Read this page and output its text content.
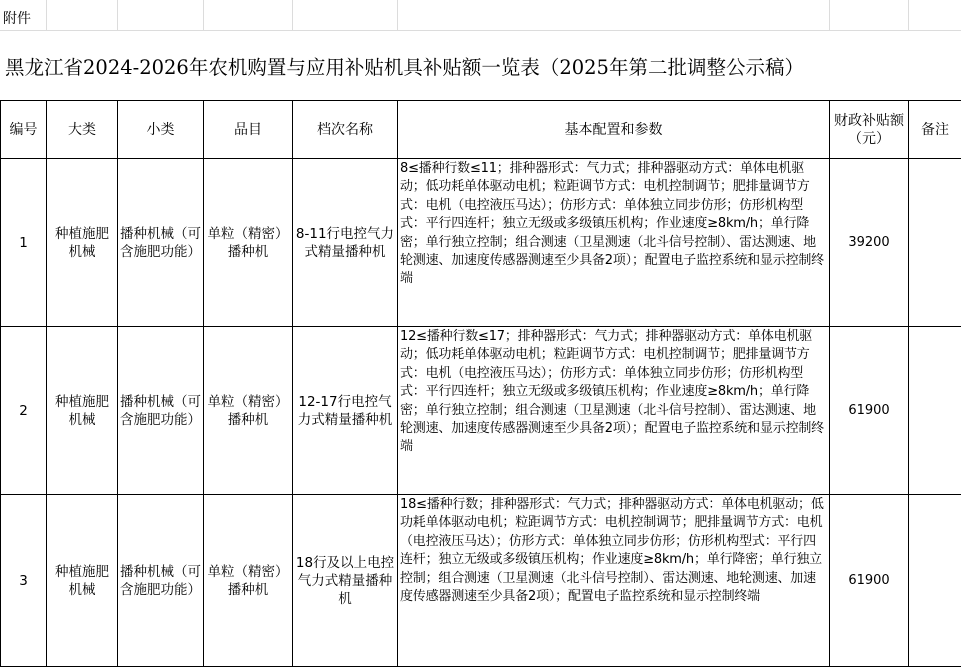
附件
黑龙江省2024-2026年农机购置与应用补贴机具补贴额一览表（2025年第二批调整公示稿）
编号	大类	小类	品目	档次名称	基本配置和参数	财政补贴额（元）	备注
1	种植施肥机械	播种机械（可含施肥功能）	单粒（精密）播种机	8-11行电控气力式精量播种机	8≤播种行数≤11；排种器形式：气力式；排种器驱动方式：单体电机驱动；低功耗单体驱动电机；粒距调节方式：电机控制调节；肥排量调节方式：电机（电控液压马达）；仿形方式：单体独立同步仿形；仿形机构型式：平行四连杆；独立无级或多级镇压机构；作业速度≥8km/h；单行降密；单行独立控制；组合测速（卫星测速（北斗信号控制）、雷达测速、地轮测速、加速度传感器测速至少具备2项）；配置电子监控系统和显示控制终端	39200	
2	种植施肥机械	播种机械（可含施肥功能）	单粒（精密）播种机	12-17行电控气力式精量播种机	12≤播种行数≤17；排种器形式：气力式；排种器驱动方式：单体电机驱动；低功耗单体驱动电机；粒距调节方式：电机控制调节；肥排量调节方式：电机（电控液压马达）；仿形方式：单体独立同步仿形；仿形机构型式：平行四连杆；独立无级或多级镇压机构；作业速度≥8km/h；单行降密；单行独立控制；组合测速（卫星测速（北斗信号控制）、雷达测速、地轮测速、加速度传感器测速至少具备2项）；配置电子监控系统和显示控制终端	61900	
3	种植施肥机械	播种机械（可含施肥功能）	单粒（精密）播种机	18行及以上电控气力式精量播种机	18≤播种行数；排种器形式：气力式；排种器驱动方式：单体电机驱动；低功耗单体驱动电机；粒距调节方式：电机控制调节；肥排量调节方式：电机（电控液压马达）；仿形方式：单体独立同步仿形；仿形机构型式：平行四连杆；独立无级或多级镇压机构；作业速度≥8km/h；单行降密；单行独立控制；组合测速（卫星测速（北斗信号控制）、雷达测速、地轮测速、加速度传感器测速至少具备2项）；配置电子监控系统和显示控制终端	61900	
